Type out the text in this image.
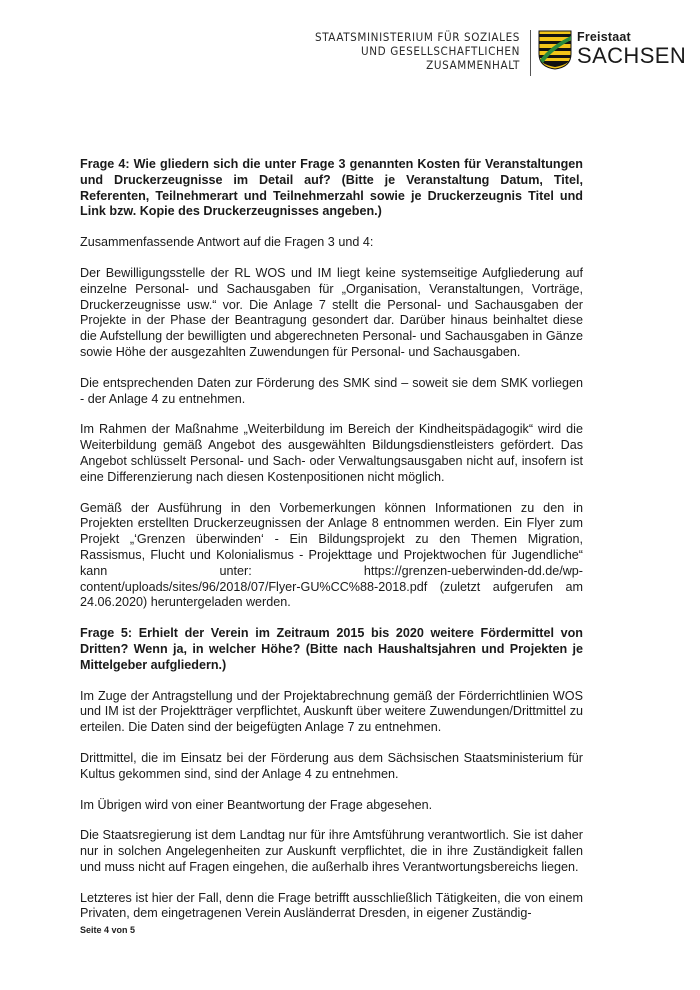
STAATSMINISTERIUM FÜR SOZIALES
UND GESELLSCHAFTLICHEN
ZUSAMMENHALT
Freistaat
SACHSEN

Frage 4: Wie gliedern sich die unter Frage 3 genannten Kosten für Veranstaltungen und Druckerzeugnisse im Detail auf? (Bitte je Veranstaltung Datum, Titel, Referenten, Teilnehmerart und Teilnehmerzahl sowie je Druckerzeugnis Titel und Link bzw. Kopie des Druckerzeugnisses angeben.)

Zusammenfassende Antwort auf die Fragen 3 und 4:

Der Bewilligungsstelle der RL WOS und IM liegt keine systemseitige Aufgliederung auf einzelne Personal- und Sachausgaben für „Organisation, Veranstaltungen, Vorträge, Druckerzeugnisse usw.“ vor. Die Anlage 7 stellt die Personal- und Sachausgaben der Projekte in der Phase der Beantragung gesondert dar. Darüber hinaus beinhaltet diese die Aufstellung der bewilligten und abgerechneten Personal- und Sachausgaben in Gänze sowie Höhe der ausgezahlten Zuwendungen für Personal- und Sachausgaben.

Die entsprechenden Daten zur Förderung des SMK sind – soweit sie dem SMK vorliegen - der Anlage 4 zu entnehmen.

Im Rahmen der Maßnahme „Weiterbildung im Bereich der Kindheitspädagogik“ wird die Weiterbildung gemäß Angebot des ausgewählten Bildungsdienstleisters gefördert. Das Angebot schlüsselt Personal- und Sach- oder Verwaltungsausgaben nicht auf, insofern ist eine Differenzierung nach diesen Kostenpositionen nicht möglich.

Gemäß der Ausführung in den Vorbemerkungen können Informationen zu den in Projekten erstellten Druckerzeugnissen der Anlage 8 entnommen werden. Ein Flyer zum Projekt „‘Grenzen überwinden‘ - Ein Bildungsprojekt zu den Themen Migration, Rassismus, Flucht und Kolonialismus - Projekttage und Projektwochen für Jugendliche“ kann unter: https://grenzen-ueberwinden-dd.de/wp-content/uploads/sites/96/2018/07/Flyer-GU%CC%88-2018.pdf (zuletzt aufgerufen am 24.06.2020) heruntergeladen werden.

Frage 5: Erhielt der Verein im Zeitraum 2015 bis 2020 weitere Fördermittel von Dritten? Wenn ja, in welcher Höhe? (Bitte nach Haushaltsjahren und Projekten je Mittelgeber aufgliedern.)

Im Zuge der Antragstellung und der Projektabrechnung gemäß der Förderrichtlinien WOS und IM ist der Projektträger verpflichtet, Auskunft über weitere Zuwendungen/Drittmittel zu erteilen. Die Daten sind der beigefügten Anlage 7 zu entnehmen.

Drittmittel, die im Einsatz bei der Förderung aus dem Sächsischen Staatsministerium für Kultus gekommen sind, sind der Anlage 4 zu entnehmen.

Im Übrigen wird von einer Beantwortung der Frage abgesehen.

Die Staatsregierung ist dem Landtag nur für ihre Amtsführung verantwortlich. Sie ist daher nur in solchen Angelegenheiten zur Auskunft verpflichtet, die in ihre Zuständigkeit fallen und muss nicht auf Fragen eingehen, die außerhalb ihres Verantwortungsbereichs liegen.

Letzteres ist hier der Fall, denn die Frage betrifft ausschließlich Tätigkeiten, die von einem Privaten, dem eingetragenen Verein Ausländerrat Dresden, in eigener Zuständig-

Seite 4 von 5
